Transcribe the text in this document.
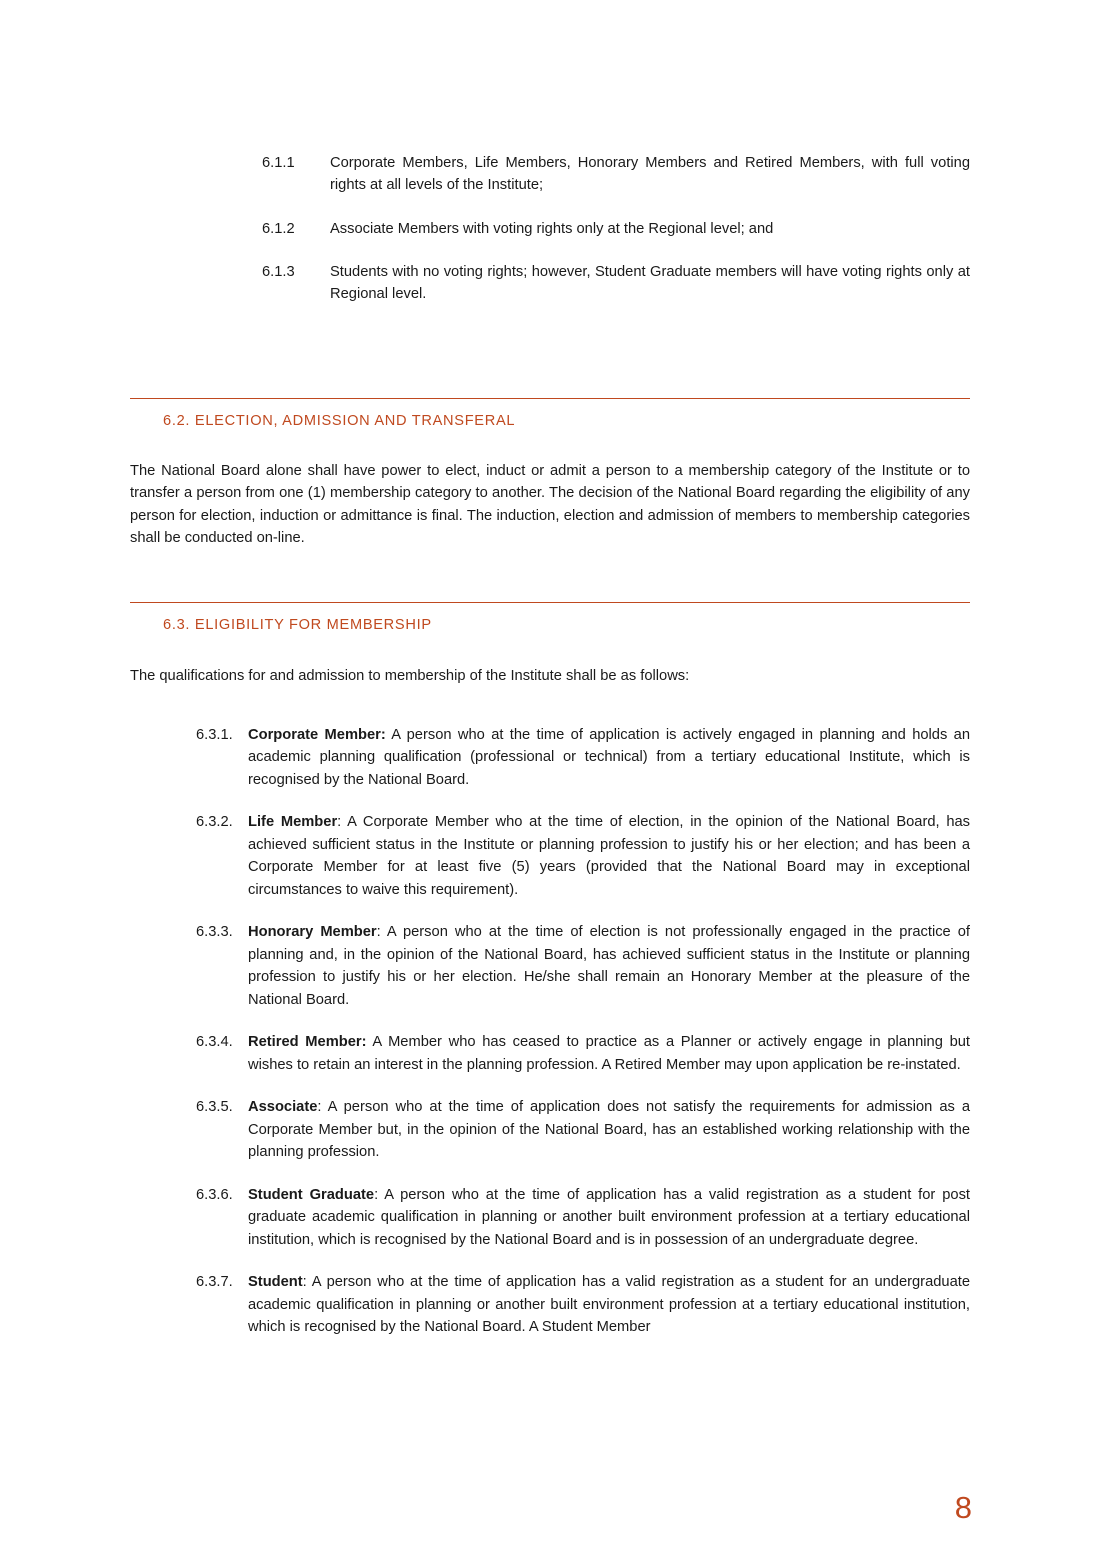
6.1.1	Corporate Members, Life Members, Honorary Members and Retired Members, with full voting rights at all levels of the Institute;
6.1.2	Associate Members with voting rights only at the Regional level; and
6.1.3	Students with no voting rights; however, Student Graduate members will have voting rights only at Regional level.
6.2. ELECTION, ADMISSION AND TRANSFERAL
The National Board alone shall have power to elect, induct or admit a person to a membership category of the Institute or to transfer a person from one (1) membership category to another. The decision of the National Board regarding the eligibility of any person for election, induction or admittance is final. The induction, election and admission of members to membership categories shall be conducted on-line.
6.3. ELIGIBILITY FOR MEMBERSHIP
The qualifications for and admission to membership of the Institute shall be as follows:
6.3.1.	Corporate Member: A person who at the time of application is actively engaged in planning and holds an academic planning qualification (professional or technical) from a tertiary educational Institute, which is recognised by the National Board.
6.3.2.	Life Member: A Corporate Member who at the time of election, in the opinion of the National Board, has achieved sufficient status in the Institute or planning profession to justify his or her election; and has been a Corporate Member for at least five (5) years (provided that the National Board may in exceptional circumstances to waive this requirement).
6.3.3.	Honorary Member: A person who at the time of election is not professionally engaged in the practice of planning and, in the opinion of the National Board, has achieved sufficient status in the Institute or planning profession to justify his or her election. He/she shall remain an Honorary Member at the pleasure of the National Board.
6.3.4.	Retired Member: A Member who has ceased to practice as a Planner or actively engage in planning but wishes to retain an interest in the planning profession. A Retired Member may upon application be re-instated.
6.3.5.	Associate: A person who at the time of application does not satisfy the requirements for admission as a Corporate Member but, in the opinion of the National Board, has an established working relationship with the planning profession.
6.3.6.	Student Graduate: A person who at the time of application has a valid registration as a student for post graduate academic qualification in planning or another built environment profession at a tertiary educational institution, which is recognised by the National Board and is in possession of an undergraduate degree.
6.3.7.	Student: A person who at the time of application has a valid registration as a student for an undergraduate academic qualification in planning or another built environment profession at a tertiary educational institution, which is recognised by the National Board. A Student Member
8
